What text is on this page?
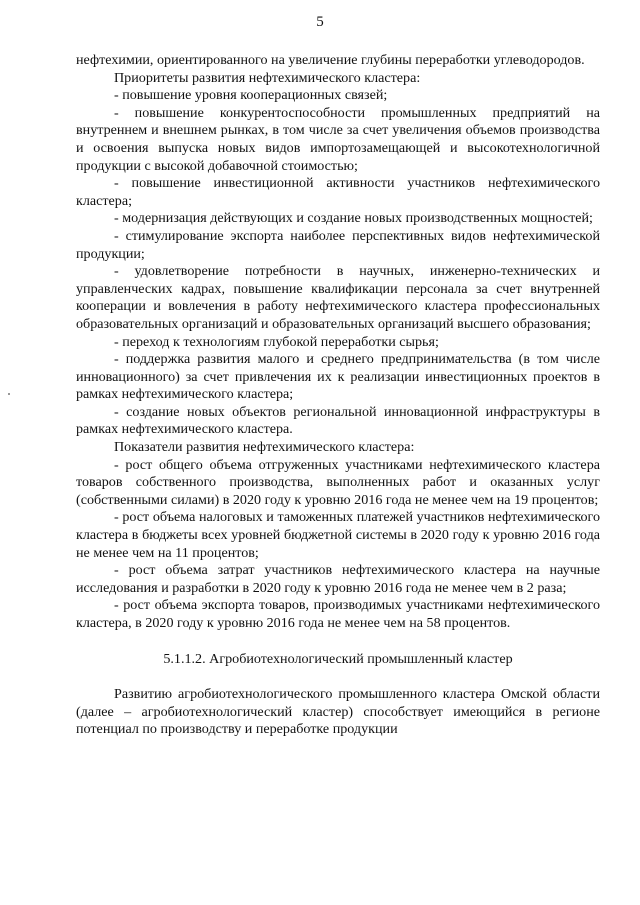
5

нефтехимии, ориентированного на увеличение глубины переработки углеводородов.

Приоритеты развития нефтехимического кластера:

- повышение уровня кооперационных связей;

- повышение конкурентоспособности промышленных предприятий на внутреннем и внешнем рынках, в том числе за счет увеличения объемов производства и освоения выпуска новых видов импортозамещающей и высокотехнологичной продукции с высокой добавочной стоимостью;

- повышение инвестиционной активности участников нефтехимического кластера;

- модернизация действующих и создание новых производственных мощностей;

- стимулирование экспорта наиболее перспективных видов нефтехимической продукции;

- удовлетворение потребности в научных, инженерно-технических и управленческих кадрах, повышение квалификации персонала за счет внутренней кооперации и вовлечения в работу нефтехимического кластера профессиональных образовательных организаций и образовательных организаций высшего образования;

- переход к технологиям глубокой переработки сырья;

- поддержка развития малого и среднего предпринимательства (в том числе инновационного) за счет привлечения их к реализации инвестиционных проектов в рамках нефтехимического кластера;

- создание новых объектов региональной инновационной инфраструктуры в рамках нефтехимического кластера.

Показатели развития нефтехимического кластера:

- рост общего объема отгруженных участниками нефтехимического кластера товаров собственного производства, выполненных работ и оказанных услуг (собственными силами) в 2020 году к уровню 2016 года не менее чем на 19 процентов;

- рост объема налоговых и таможенных платежей участников нефтехимического кластера в бюджеты всех уровней бюджетной системы в 2020 году к уровню 2016 года не менее чем на 11 процентов;

- рост объема затрат участников нефтехимического кластера на научные исследования и разработки в 2020 году к уровню 2016 года не менее чем в 2 раза;

- рост объема экспорта товаров, производимых участниками нефтехимического кластера, в 2020 году к уровню 2016 года не менее чем на 58 процентов.

5.1.1.2. Агробиотехнологический промышленный кластер

Развитию агробиотехнологического промышленного кластера Омской области (далее – агробиотехнологический кластер) способствует имеющийся в регионе потенциал по производству и переработке продукции
